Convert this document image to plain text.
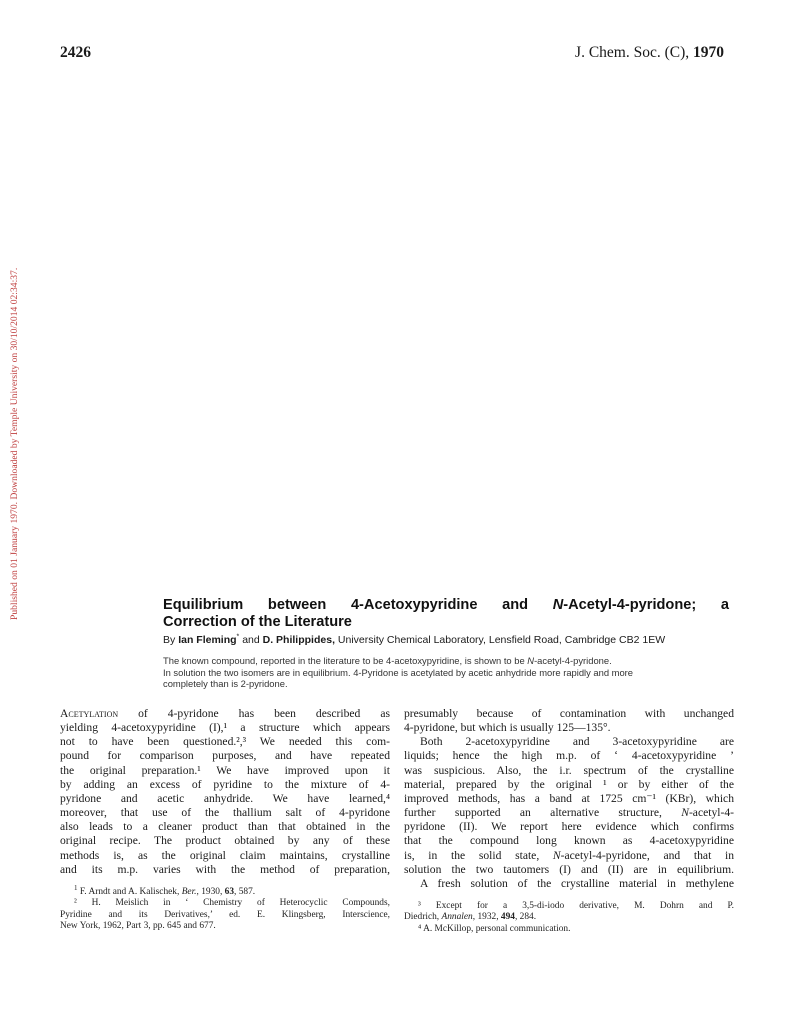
2426	J. Chem. Soc. (C), 1970
Published on 01 January 1970. Downloaded by Temple University on 30/10/2014 02:34:37.	Equilibrium between 4-Acetoxypyridine and N-Acetyl-4-pyridone; a
Correction of the Literature
By Ian Fleming* and D. Philippides, University Chemical Laboratory, Lensfield Road, Cambridge CB2 1EW
The known compound, reported in the literature to be 4-acetoxypyridine, is shown to be N-acetyl-4-pyridone.
In solution the two isomers are in equilibrium. 4-Pyridone is acetylated by acetic anhydride more rapidly and more
completely than is 2-pyridone.
Acetylation of 4-pyridone has been described as
yielding 4-acetoxypyridine (I),¹ a structure which appears
not to have been questioned.²,³ We needed this com-
pound for comparison purposes, and have repeated
the original preparation.¹ We have improved upon it
by adding an excess of pyridine to the mixture of 4-
pyridone and acetic anhydride. We have learned,⁴
moreover, that use of the thallium salt of 4-pyridone
also leads to a cleaner product than that obtained in the
original recipe. The product obtained by any of these
methods is, as the original claim maintains, crystalline
and its m.p. varies with the method of preparation,
presumably because of contamination with unchanged
4-pyridone, but which is usually 125—135°.
Both 2-acetoxypyridine and 3-acetoxypyridine are
liquids; hence the high m.p. of ‘ 4-acetoxypyridine ’
was suspicious. Also, the i.r. spectrum of the crystalline
material, prepared by the original ¹ or by either of the
improved methods, has a band at 1725 cm⁻¹ (KBr), which
further supported an alternative structure, N-acetyl-4-
pyridone (II). We report here evidence which confirms
that the compound long known as 4-acetoxypyridine
is, in the solid state, N-acetyl-4-pyridone, and that in
solution the two tautomers (I) and (II) are in equilibrium.
A fresh solution of the crystalline material in methylene
$^1$ F. Arndt and A. Kalischek, Ber., 1930, 63, 587.
² H. Meislich in ‘ Chemistry of Heterocyclic Compounds,
Pyridine and its Derivatives,’ ed. E. Klingsberg, Interscience,
New York, 1962, Part 3, pp. 645 and 677.
³ Except for a 3,5-di-iodo derivative, M. Dohrn and P.
Diedrich, Annalen, 1932, 494, 284.
⁴ A. McKillop, personal communication.
